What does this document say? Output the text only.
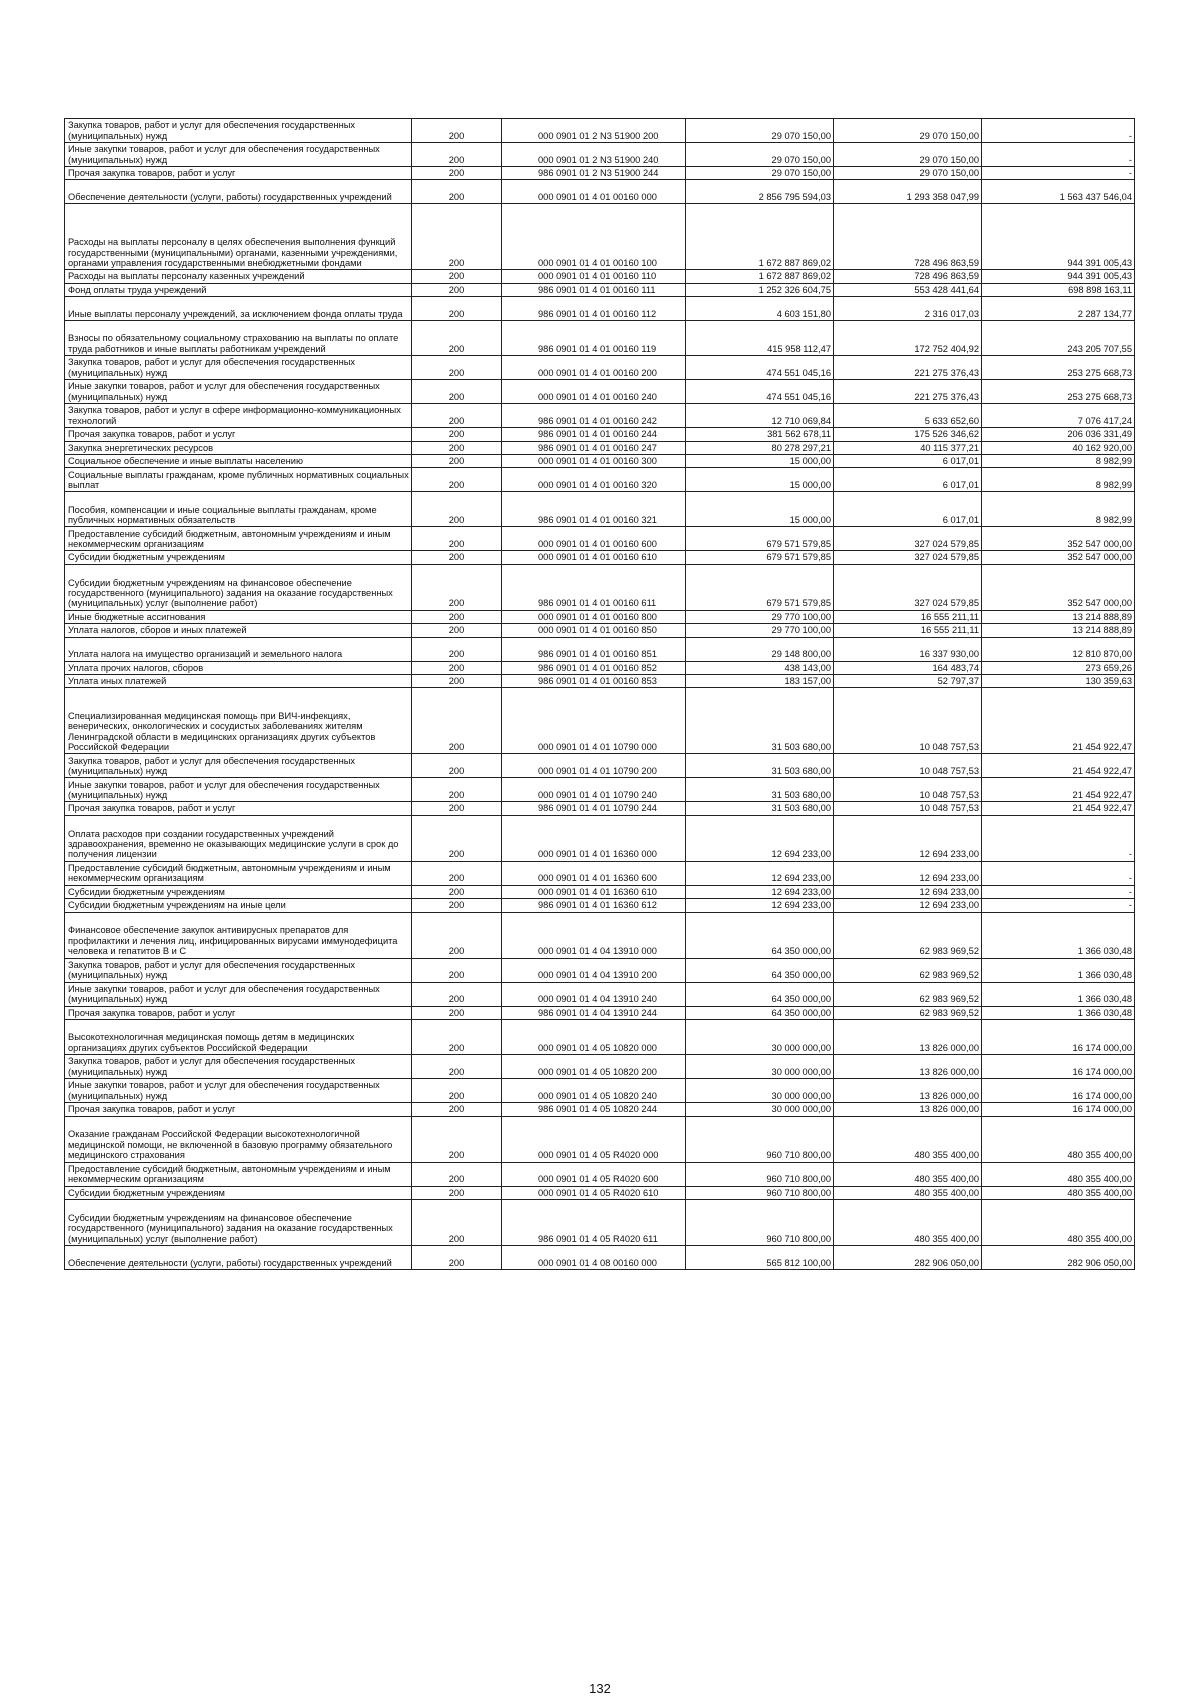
Закупка товаров, работ и услуг для обеспечения государственных (муниципальных) нужд	200	000 0901 01 2 N3 51900 200	29 070 150,00	29 070 150,00	-
Иные закупки товаров, работ и услуг для обеспечения государственных (муниципальных) нужд	200	000 0901 01 2 N3 51900 240	29 070 150,00	29 070 150,00	-
Прочая закупка товаров, работ и услуг	200	986 0901 01 2 N3 51900 244	29 070 150,00	29 070 150,00	-
Обеспечение деятельности (услуги, работы) государственных учреждений	200	000 0901 01 4 01 00160 000	2 856 795 594,03	1 293 358 047,99	1 563 437 546,04
Расходы на выплаты персоналу в целях обеспечения выполнения функций государственными (муниципальными) органами, казенными учреждениями, органами управления государственными внебюджетными фондами	200	000 0901 01 4 01 00160 100	1 672 887 869,02	728 496 863,59	944 391 005,43
Расходы на выплаты персоналу казенных учреждений	200	000 0901 01 4 01 00160 110	1 672 887 869,02	728 496 863,59	944 391 005,43
Фонд оплаты труда учреждений	200	986 0901 01 4 01 00160 111	1 252 326 604,75	553 428 441,64	698 898 163,11
Иные выплаты персоналу учреждений, за исключением фонда оплаты труда	200	986 0901 01 4 01 00160 112	4 603 151,80	2 316 017,03	2 287 134,77
Взносы по обязательному социальному страхованию на выплаты по оплате труда работников и иные выплаты работникам учреждений	200	986 0901 01 4 01 00160 119	415 958 112,47	172 752 404,92	243 205 707,55
Закупка товаров, работ и услуг для обеспечения государственных (муниципальных) нужд	200	000 0901 01 4 01 00160 200	474 551 045,16	221 275 376,43	253 275 668,73
Иные закупки товаров, работ и услуг для обеспечения государственных (муниципальных) нужд	200	000 0901 01 4 01 00160 240	474 551 045,16	221 275 376,43	253 275 668,73
Закупка товаров, работ и услуг в сфере информационно-коммуникационных технологий	200	986 0901 01 4 01 00160 242	12 710 069,84	5 633 652,60	7 076 417,24
Прочая закупка товаров, работ и услуг	200	986 0901 01 4 01 00160 244	381 562 678,11	175 526 346,62	206 036 331,49
Закупка энергетических ресурсов	200	986 0901 01 4 01 00160 247	80 278 297,21	40 115 377,21	40 162 920,00
Социальное обеспечение и иные выплаты населению	200	000 0901 01 4 01 00160 300	15 000,00	6 017,01	8 982,99
Социальные выплаты гражданам, кроме публичных нормативных социальных выплат	200	000 0901 01 4 01 00160 320	15 000,00	6 017,01	8 982,99
Пособия, компенсации и иные социальные выплаты гражданам, кроме публичных нормативных обязательств	200	986 0901 01 4 01 00160 321	15 000,00	6 017,01	8 982,99
Предоставление субсидий бюджетным, автономным учреждениям и иным некоммерческим организациям	200	000 0901 01 4 01 00160 600	679 571 579,85	327 024 579,85	352 547 000,00
Субсидии бюджетным учреждениям	200	000 0901 01 4 01 00160 610	679 571 579,85	327 024 579,85	352 547 000,00
Субсидии бюджетным учреждениям на финансовое обеспечение государственного (муниципального) задания на оказание государственных (муниципальных) услуг (выполнение работ)	200	986 0901 01 4 01 00160 611	679 571 579,85	327 024 579,85	352 547 000,00
Иные бюджетные ассигнования	200	000 0901 01 4 01 00160 800	29 770 100,00	16 555 211,11	13 214 888,89
Уплата налогов, сборов и иных платежей	200	000 0901 01 4 01 00160 850	29 770 100,00	16 555 211,11	13 214 888,89
Уплата налога на имущество организаций и земельного налога	200	986 0901 01 4 01 00160 851	29 148 800,00	16 337 930,00	12 810 870,00
Уплата прочих налогов, сборов	200	986 0901 01 4 01 00160 852	438 143,00	164 483,74	273 659,26
Уплата иных платежей	200	986 0901 01 4 01 00160 853	183 157,00	52 797,37	130 359,63
Специализированная медицинская помощь при ВИЧ-инфекциях, венерических, онкологических и сосудистых заболеваниях жителям Ленинградской области в медицинских организациях других субъектов Российской Федерации	200	000 0901 01 4 01 10790 000	31 503 680,00	10 048 757,53	21 454 922,47
Закупка товаров, работ и услуг для обеспечения государственных (муниципальных) нужд	200	000 0901 01 4 01 10790 200	31 503 680,00	10 048 757,53	21 454 922,47
Иные закупки товаров, работ и услуг для обеспечения государственных (муниципальных) нужд	200	000 0901 01 4 01 10790 240	31 503 680,00	10 048 757,53	21 454 922,47
Прочая закупка товаров, работ и услуг	200	986 0901 01 4 01 10790 244	31 503 680,00	10 048 757,53	21 454 922,47
Оплата расходов при создании государственных учреждений здравоохранения, временно не оказывающих медицинские услуги в срок до получения лицензии	200	000 0901 01 4 01 16360 000	12 694 233,00	12 694 233,00	-
Предоставление субсидий бюджетным, автономным учреждениям и иным некоммерческим организациям	200	000 0901 01 4 01 16360 600	12 694 233,00	12 694 233,00	-
Субсидии бюджетным учреждениям	200	000 0901 01 4 01 16360 610	12 694 233,00	12 694 233,00	-
Субсидии бюджетным учреждениям на иные цели	200	986 0901 01 4 01 16360 612	12 694 233,00	12 694 233,00	-
Финансовое обеспечение закупок антивирусных препаратов для профилактики и лечения лиц, инфицированных вирусами иммунодефицита человека и гепатитов В и С	200	000 0901 01 4 04 13910 000	64 350 000,00	62 983 969,52	1 366 030,48
Закупка товаров, работ и услуг для обеспечения государственных (муниципальных) нужд	200	000 0901 01 4 04 13910 200	64 350 000,00	62 983 969,52	1 366 030,48
Иные закупки товаров, работ и услуг для обеспечения государственных (муниципальных) нужд	200	000 0901 01 4 04 13910 240	64 350 000,00	62 983 969,52	1 366 030,48
Прочая закупка товаров, работ и услуг	200	986 0901 01 4 04 13910 244	64 350 000,00	62 983 969,52	1 366 030,48
Высокотехнологичная медицинская помощь детям в медицинских организациях других субъектов Российской Федерации	200	000 0901 01 4 05 10820 000	30 000 000,00	13 826 000,00	16 174 000,00
Закупка товаров, работ и услуг для обеспечения государственных (муниципальных) нужд	200	000 0901 01 4 05 10820 200	30 000 000,00	13 826 000,00	16 174 000,00
Иные закупки товаров, работ и услуг для обеспечения государственных (муниципальных) нужд	200	000 0901 01 4 05 10820 240	30 000 000,00	13 826 000,00	16 174 000,00
Прочая закупка товаров, работ и услуг	200	986 0901 01 4 05 10820 244	30 000 000,00	13 826 000,00	16 174 000,00
Оказание гражданам Российской Федерации высокотехнологичной медицинской помощи, не включенной в базовую программу обязательного медицинского страхования	200	000 0901 01 4 05 R4020 000	960 710 800,00	480 355 400,00	480 355 400,00
Предоставление субсидий бюджетным, автономным учреждениям и иным некоммерческим организациям	200	000 0901 01 4 05 R4020 600	960 710 800,00	480 355 400,00	480 355 400,00
Субсидии бюджетным учреждениям	200	000 0901 01 4 05 R4020 610	960 710 800,00	480 355 400,00	480 355 400,00
Субсидии бюджетным учреждениям на финансовое обеспечение государственного (муниципального) задания на оказание государственных (муниципальных) услуг (выполнение работ)	200	986 0901 01 4 05 R4020 611	960 710 800,00	480 355 400,00	480 355 400,00
Обеспечение деятельности (услуги, работы) государственных учреждений	200	000 0901 01 4 08 00160 000	565 812 100,00	282 906 050,00	282 906 050,00
132
